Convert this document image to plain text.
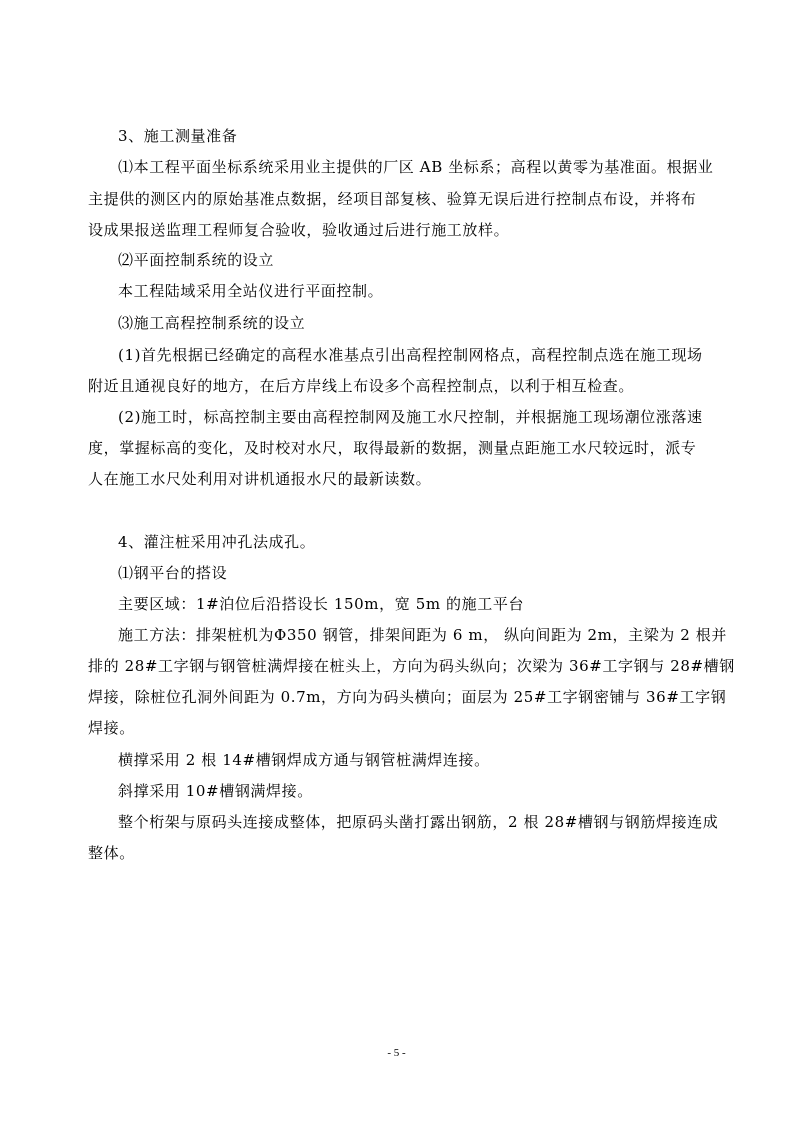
3、施工测量准备
⑴本工程平面坐标系统采用业主提供的厂区 AB 坐标系；高程以黄零为基准面。根据业
主提供的测区内的原始基准点数据，经项目部复核、验算无误后进行控制点布设，并将布
设成果报送监理工程师复合验收，验收通过后进行施工放样。
⑵平面控制系统的设立
本工程陆域采用全站仪进行平面控制。
⑶施工高程控制系统的设立
(1)首先根据已经确定的高程水准基点引出高程控制网格点，高程控制点选在施工现场
附近且通视良好的地方，在后方岸线上布设多个高程控制点，以利于相互检查。
(2)施工时，标高控制主要由高程控制网及施工水尺控制，并根据施工现场潮位涨落速
度，掌握标高的变化，及时校对水尺，取得最新的数据，测量点距施工水尺较远时，派专
人在施工水尺处利用对讲机通报水尺的最新读数。
4、灌注桩采用冲孔法成孔。
⑴钢平台的搭设
主要区域：1#泊位后沿搭设长 150m，宽 5m 的施工平台
施工方法：排架桩机为Φ350 钢管，排架间距为 6 m， 纵向间距为 2m，主梁为 2 根并
排的 28#工字钢与钢管桩满焊接在桩头上，方向为码头纵向；次梁为 36#工字钢与 28#槽钢
焊接，除桩位孔洞外间距为 0.7m，方向为码头横向；面层为 25#工字钢密铺与 36#工字钢
焊接。
横撑采用 2 根 14#槽钢焊成方通与钢管桩满焊连接。
斜撑采用 10#槽钢满焊接。
整个桁架与原码头连接成整体，把原码头凿打露出钢筋，2 根 28#槽钢与钢筋焊接连成
整体。
- 5 -
